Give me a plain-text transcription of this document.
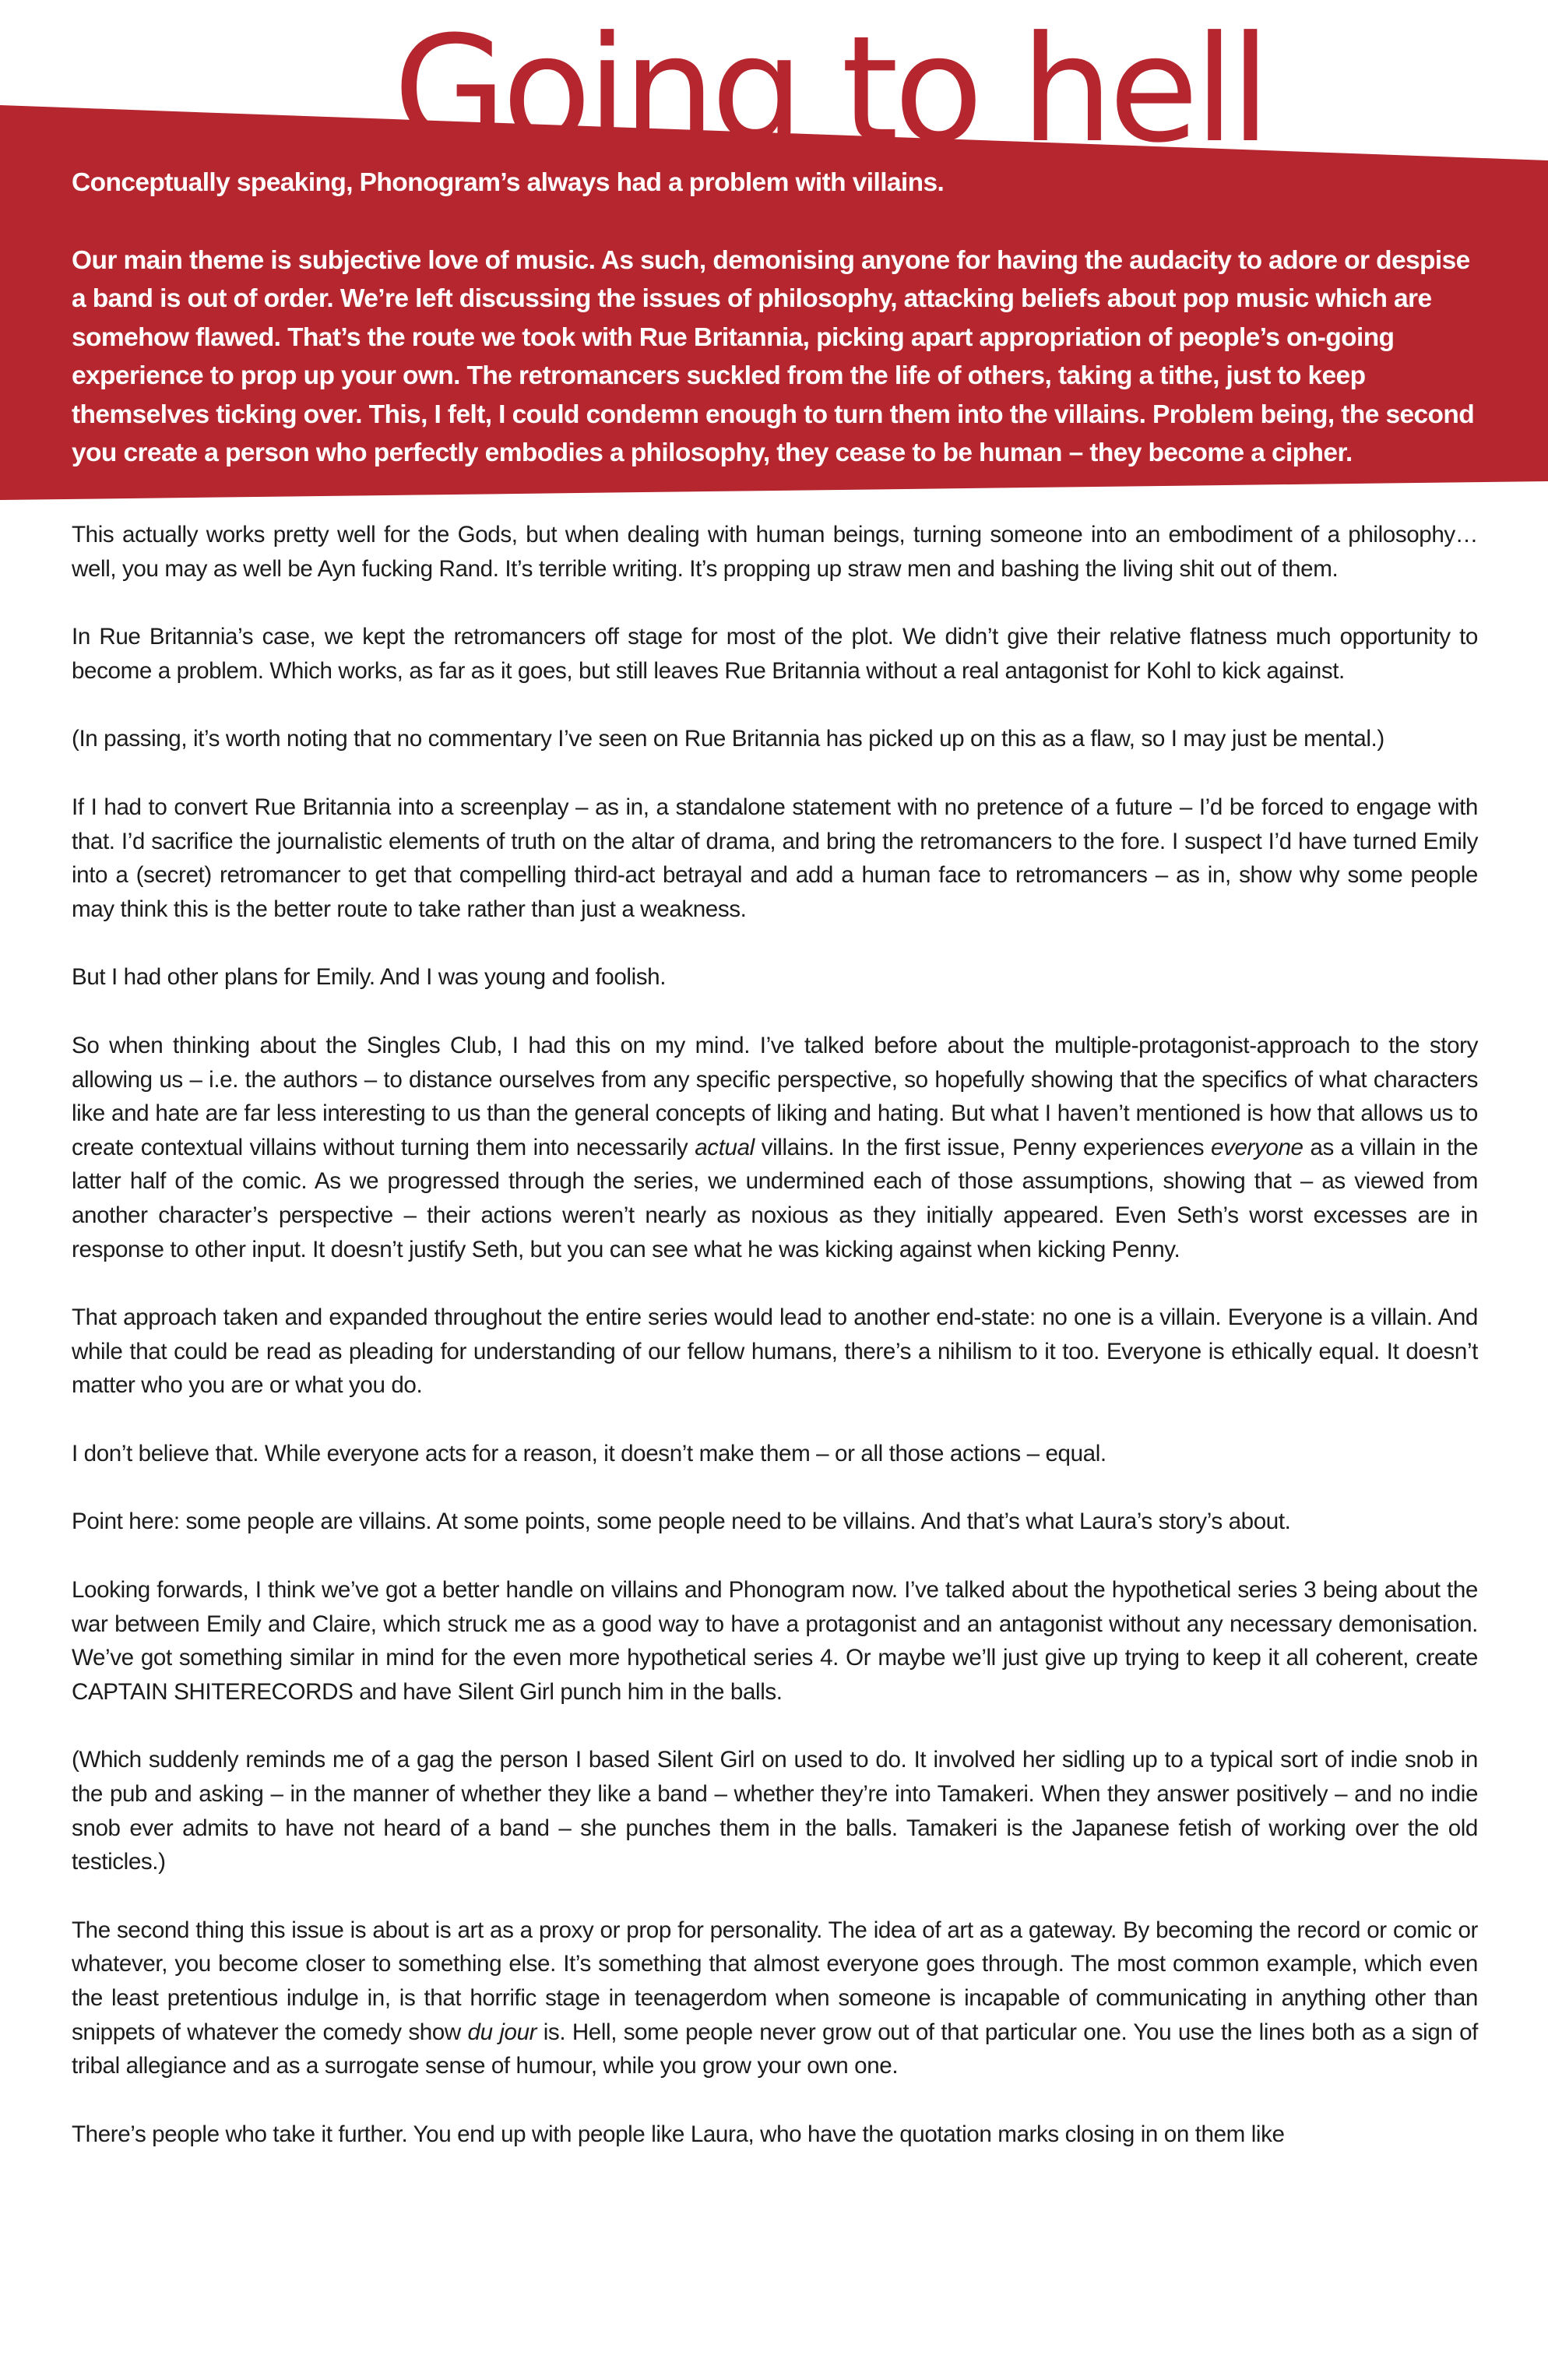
Going to hell

Conceptually speaking, Phonogram’s always had a problem with villains.

Our main theme is subjective love of music. As such, demonising anyone for having the audacity to adore or despise a band is out of order. We’re left discussing the issues of philosophy, attacking beliefs about pop music which are somehow flawed. That’s the route we took with Rue Britannia, picking apart appropriation of people’s on-going experience to prop up your own. The retromancers suckled from the life of others, taking a tithe, just to keep themselves ticking over. This, I felt, I could condemn enough to turn them into the villains. Problem being, the second you create a person who perfectly embodies a philosophy, they cease to be human – they become a cipher.

This actually works pretty well for the Gods, but when dealing with human beings, turning someone into an embodiment of a philosophy… well, you may as well be Ayn fucking Rand. It’s terrible writing. It’s propping up straw men and bashing the living shit out of them.

In Rue Britannia’s case, we kept the retromancers off stage for most of the plot. We didn’t give their relative flatness much opportunity to become a problem. Which works, as far as it goes, but still leaves Rue Britannia without a real antagonist for Kohl to kick against.

(In passing, it’s worth noting that no commentary I’ve seen on Rue Britannia has picked up on this as a flaw, so I may just be mental.)

If I had to convert Rue Britannia into a screenplay – as in, a standalone statement with no pretence of a future – I’d be forced to engage with that. I’d sacrifice the journalistic elements of truth on the altar of drama, and bring the retromancers to the fore. I suspect I’d have turned Emily into a (secret) retromancer to get that compelling third-act betrayal and add a human face to retromancers – as in, show why some people may think this is the better route to take rather than just a weakness.

But I had other plans for Emily. And I was young and foolish.

So when thinking about the Singles Club, I had this on my mind. I’ve talked before about the multiple-protagonist-approach to the story allowing us – i.e. the authors – to distance ourselves from any specific perspective, so hopefully showing that the specifics of what characters like and hate are far less interesting to us than the general concepts of liking and hating. But what I haven’t mentioned is how that allows us to create contextual villains without turning them into necessarily actual villains. In the first issue, Penny experiences everyone as a villain in the latter half of the comic. As we progressed through the series, we undermined each of those assumptions, showing that – as viewed from another character’s perspective – their actions weren’t nearly as noxious as they initially appeared. Even Seth’s worst excesses are in response to other input. It doesn’t justify Seth, but you can see what he was kicking against when kicking Penny.

That approach taken and expanded throughout the entire series would lead to another end-state: no one is a villain. Everyone is a villain. And while that could be read as pleading for understanding of our fellow humans, there’s a nihilism to it too. Everyone is ethically equal. It doesn’t matter who you are or what you do.

I don’t believe that. While everyone acts for a reason, it doesn’t make them – or all those actions – equal.

Point here: some people are villains. At some points, some people need to be villains. And that’s what Laura’s story’s about.

Looking forwards, I think we’ve got a better handle on villains and Phonogram now. I’ve talked about the hypothetical series 3 being about the war between Emily and Claire, which struck me as a good way to have a protagonist and an antagonist without any necessary demonisation. We’ve got something similar in mind for the even more hypothetical series 4. Or maybe we’ll just give up trying to keep it all coherent, create CAPTAIN SHITERECORDS and have Silent Girl punch him in the balls.

(Which suddenly reminds me of a gag the person I based Silent Girl on used to do. It involved her sidling up to a typical sort of indie snob in the pub and asking – in the manner of whether they like a band – whether they’re into Tamakeri. When they answer positively – and no indie snob ever admits to have not heard of a band – she punches them in the balls. Tamakeri is the Japanese fetish of working over the old testicles.)

The second thing this issue is about is art as a proxy or prop for personality. The idea of art as a gateway. By becoming the record or comic or whatever, you become closer to something else. It’s something that almost everyone goes through. The most common example, which even the least pretentious indulge in, is that horrific stage in teenagerdom when someone is incapable of communicating in anything other than snippets of whatever the comedy show du jour is. Hell, some people never grow out of that particular one. You use the lines both as a sign of tribal allegiance and as a surrogate sense of humour, while you grow your own one.

There’s people who take it further. You end up with people like Laura, who have the quotation marks closing in on them like
